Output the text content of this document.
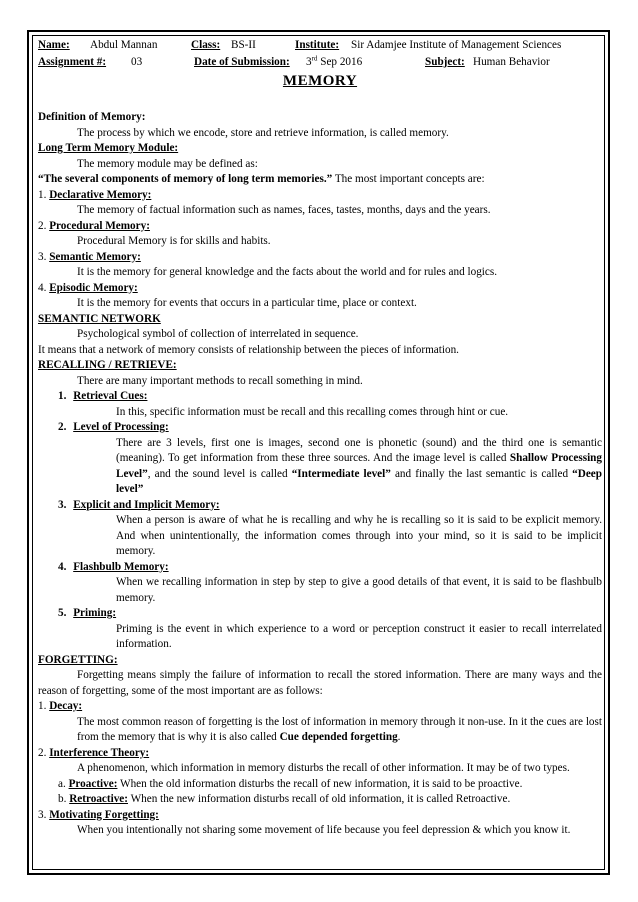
Name: Abdul Mannan	Class: BS-II	Institute: Sir Adamjee Institute of Management Sciences
Assignment #: 03	Date of Submission: 3rd Sep 2016	Subject: Human Behavior
MEMORY
Definition of Memory:
The process by which we encode, store and retrieve information, is called memory.
Long Term Memory Module:
The memory module may be defined as:
“The several components of memory of long term memories.” The most important concepts are:
1. Declarative Memory:
The memory of factual information such as names, faces, tastes, months, days and the years.
2. Procedural Memory:
Procedural Memory is for skills and habits.
3. Semantic Memory:
It is the memory for general knowledge and the facts about the world and for rules and logics.
4. Episodic Memory:
It is the memory for events that occurs in a particular time, place or context.
SEMANTIC NETWORK
Psychological symbol of collection of interrelated in sequence.
It means that a network of memory consists of relationship between the pieces of information.
RECALLING / RETRIEVE:
There are many important methods to recall something in mind.
1. Retrieval Cues:
In this, specific information must be recall and this recalling comes through hint or cue.
2. Level of Processing:
There are 3 levels, first one is images, second one is phonetic (sound) and the third one is semantic (meaning). To get information from these three sources. And the image level is called Shallow Processing Level”, and the sound level is called “Intermediate level” and finally the last semantic is called “Deep level”
3. Explicit and Implicit Memory:
When a person is aware of what he is recalling and why he is recalling so it is said to be explicit memory. And when unintentionally, the information comes through into your mind, so it is said to be implicit memory.
4. Flashbulb Memory:
When we recalling information in step by step to give a good details of that event, it is said to be flashbulb memory.
5. Priming:
Priming is the event in which experience to a word or perception construct it easier to recall interrelated information.
FORGETTING:
Forgetting means simply the failure of information to recall the stored information. There are many ways and the reason of forgetting, some of the most important are as follows:
1. Decay:
The most common reason of forgetting is the lost of information in memory through it non-use. In it the cues are lost from the memory that is why it is also called Cue depended forgetting.
2. Interference Theory:
A phenomenon, which information in memory disturbs the recall of other information. It may be of two types.
a. Proactive: When the old information disturbs the recall of new information, it is said to be proactive.
b. Retroactive: When the new information disturbs recall of old information, it is called Retroactive.
3. Motivating Forgetting:
When you intentionally not sharing some movement of life because you feel depression & which you know it.
